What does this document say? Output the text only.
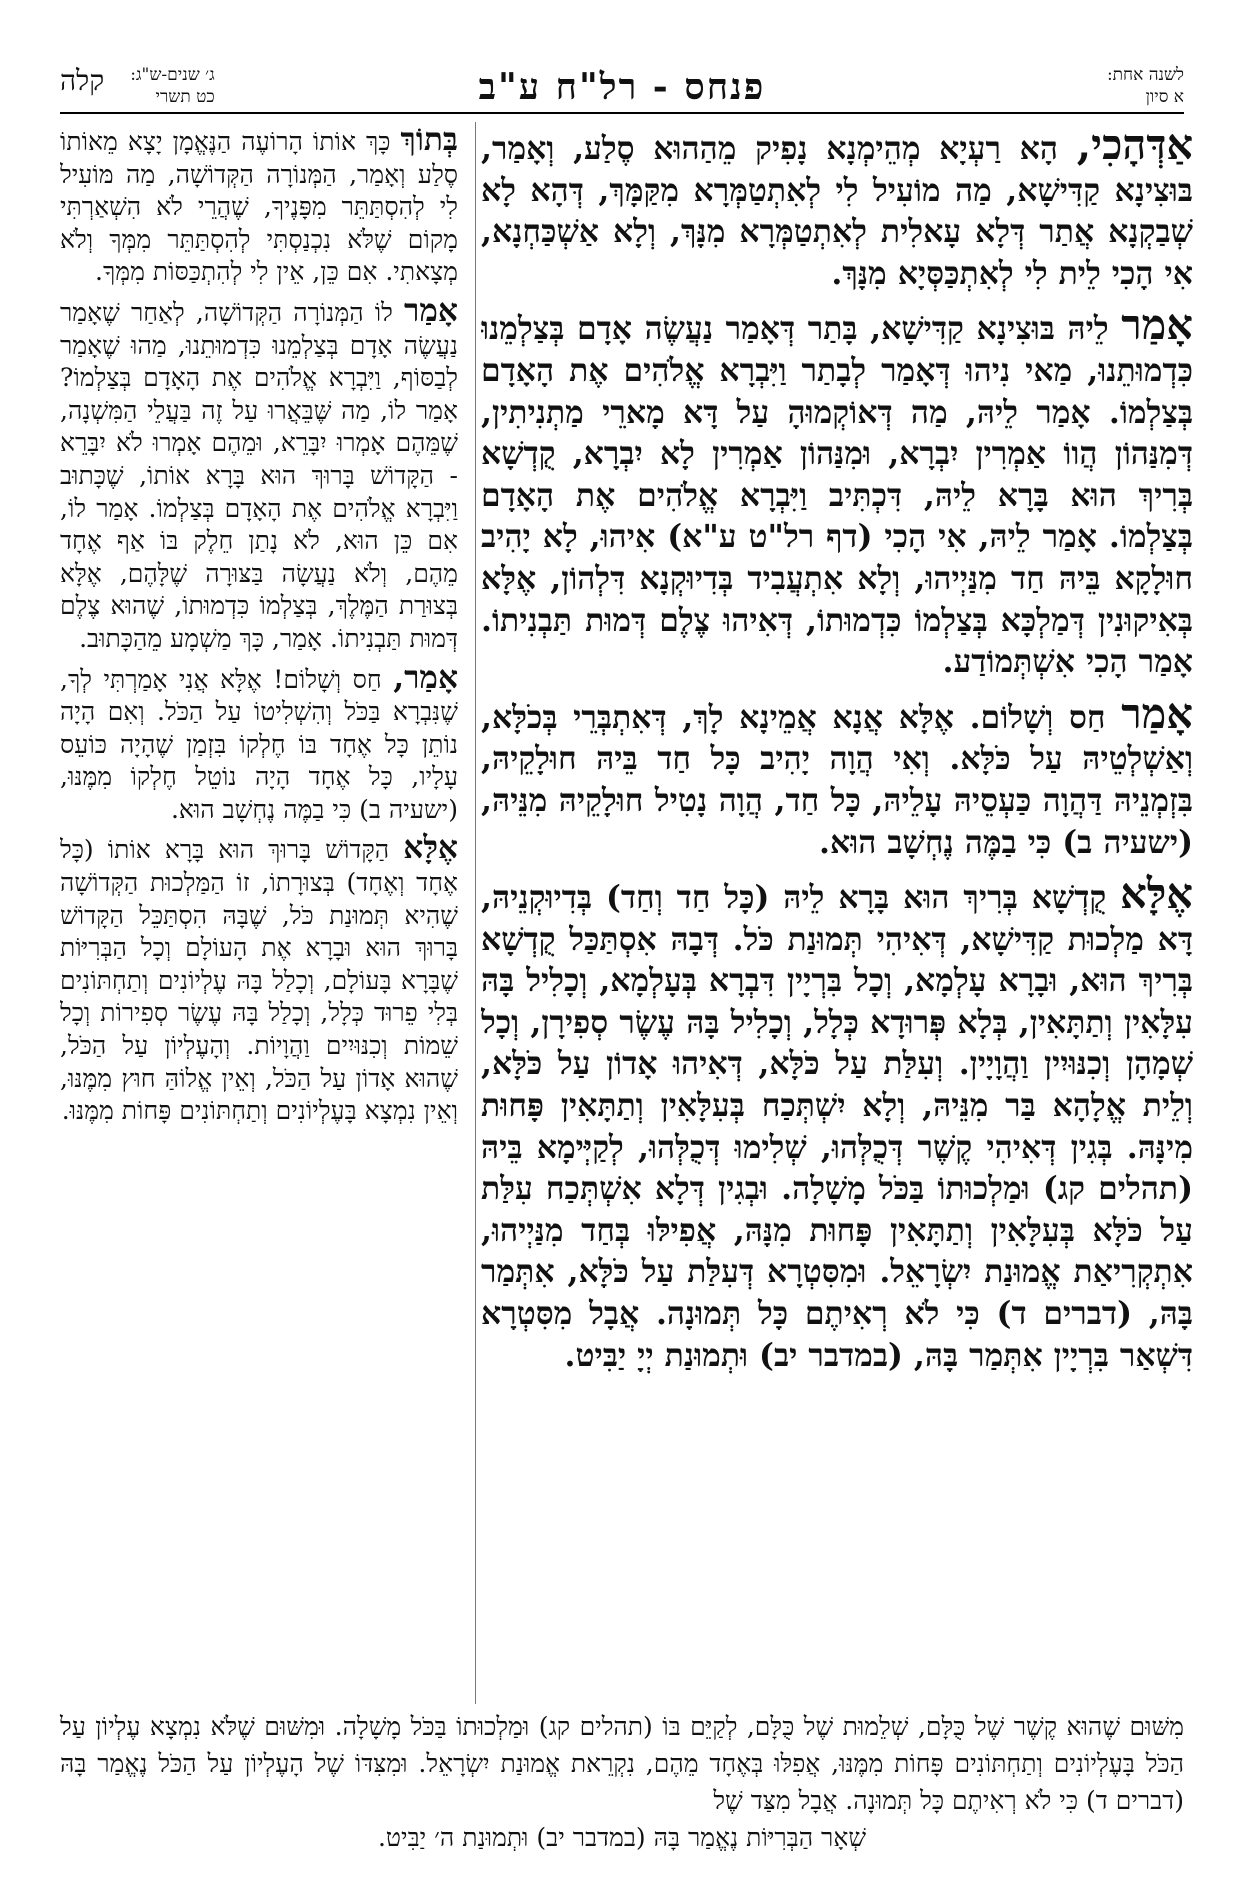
לשנה אחת:
א סיון
פנחס - רל"ח ע"ב
ג׳ שנים-ש"ג:
כט תשרי
קלה

אַדְּהָכִי, הָא רַעְיָא מְהֵימְנָא נָפִיק מֵהַהוּא סֶלַע, וְאָמַר, בּוּצִינָא קַדִּישָׁא, מַה מוֹעִיל לִי לְאִתְטַמְּרָא מִקַּמָּךְ, דְּהָא לָא שְׁבַקְנָא אֲתַר דְּלָא עָאלִית לְאִתְטַמְּרָא מִנָּךְ, וְלָא אַשְׁכַּחְנָא, אִי הָכִי לֵית לִי לְאִתְכַּסְּיָא מִנָּךְ.

אָמַר לֵיהּ בּוּצִינָא קַדִּישָׁא, בָּתַר דְּאָמַר נַעֲשֶׂה אָדָם בְּצַלְמֵנוּ כִּדְמוּתֵנוּ, מַאי נִיהוּ דְּאָמַר לְבָתַר וַיִּבְרָא אֱלֹהִים אֶת הָאָדָם בְּצַלְמוֹ. אָמַר לֵיהּ, מַה דְּאוֹקְמוּהָ עַל דָּא מָארֵי מַתְנִיתִין, דְּמִנַּהוֹן הֲווֹ אַמְרִין יִבְרָא, וּמִנַּהוֹן אַמְרִין לָא יִבְרָא, קֻדְשָׁא בְּרִיךְ הוּא בָּרָא לֵיהּ, דִּכְתִּיב וַיִּבְרָא אֱלֹהִים אֶת הָאָדָם בְּצַלְמוֹ. אָמַר לֵיהּ, אִי הָכִי (דף רל"ט ע"א) אִיהוּ, לָא יָהִיב חוּלָקָא בֵּיהּ חַד מִנַּיְיהוּ, וְלָא אִתְעֲבִיד בְּדִיוּקְנָא דִּלְהוֹן, אֶלָּא בְּאִיקוּנִין דְּמַלְכָּא בְּצַלְמוֹ כִּדְמוּתוֹ, דְּאִיהוּ צֶלֶם דְּמוּת תַּבְנִיתוֹ. אָמַר הָכִי אִשְׁתְּמוֹדַע.

אָמַר חַס וְשָׁלוֹם. אֶלָּא אֲנָא אֲמֵינָא לָךְ, דְּאִתְבְּרֵי בְּכֹלָּא, וְאַשְׁלְטֵיהּ עַל כֹּלָּא. וְאִי הֲוָה יָהִיב כָּל חַד בֵּיהּ חוּלָקֵיהּ, בִּזְמְנֵיהּ דַּהֲוָה כַּעְסֵיהּ עָלֵיהּ, כָּל חַד, הֲוָה נָטִיל חוּלָקֵיהּ מִנֵּיהּ, (ישעיה ב) כִּי בַמֶּה נֶחְשָׁב הוּא.

אֶלָּא קֻדְשָׁא בְּרִיךְ הוּא בָּרָא לֵיהּ (כָּל חַד וְחַד) בְּדִיוּקְנֵיהּ, דָּא מַלְכוּת קַדִּישָׁא, דְּאִיהִי תְּמוּנַת כֹּל. דְּבָהּ אִסְתַּכַּל קֻדְשָׁא בְּרִיךְ הוּא, וּבָרָא עָלְמָא, וְכָל בִּרְיָין דִּבְרָא בְּעָלְמָא, וְכָלִיל בָּהּ עִלָּאִין וְתַתָּאִין, בְּלָא פְּרוּדָא כְּלָל, וְכָלִיל בָּהּ עֶשֶׂר סְפִירָן, וְכָל שְׁמָהָן וְכִנּוּיִין וַהֲוָיָין. וְעִלַּת עַל כֹּלָּא, דְּאִיהוּ אָדוֹן עַל כֹּלָּא, וְלֵית אֱלָהָא בַּר מִנֵּיהּ, וְלָא יִשְׁתְּכַח בְּעִלָּאִין וְתַתָּאִין פָּחוּת מִינָּהּ. בְּגִין דְּאִיהִי קֶשֶׁר דְּכֻלְּהוּ, שְׁלִימוּ דְּכֻלְּהוּ, לְקַיְּימָא בֵּיהּ (תהלים קג) וּמַלְכוּתוֹ בַּכֹּל מָשָׁלָה. וּבְגִין דְּלָא אִשְׁתְּכַח עִלַּת עַל כֹּלָּא בְּעִלָּאִין וְתַתָּאִין פָּחוּת מִנָּהּ, אֲפִילּוּ בְּחַד מִנַּיְיהוּ, אִתְקְרִיאַת אֱמוּנַת יִשְׂרָאֵל. וּמִסִּטְרָא דְּעִלַּת עַל כֹּלָּא, אִתְּמַר בָּהּ, (דברים ד) כִּי לֹא רְאִיתֶם כָּל תְּמוּנָה. אֲבָל מִסִּטְרָא דִּשְׁאַר בִּרְיָין אִתְּמַר בָּהּ, (במדבר יב) וּתְמוּנַת יְיָ יַבִּיט.

בְּתוֹךְ כָּךְ אוֹתוֹ הָרוֹעֶה הַנֶּאֱמָן יָצָא מֵאוֹתוֹ סֶלַע וְאָמַר, הַמְּנוֹרָה הַקְּדוֹשָׁה, מַה מּוֹעִיל לִי לְהִסְתַּתֵּר מִפָּנֶיךָ, שֶׁהֲרֵי לֹא הִשְׁאַרְתִּי מָקוֹם שֶׁלֹּא נִכְנַסְתִּי לְהִסְתַּתֵּר מִמְּךָ וְלֹא מְצָאתִי. אִם כֵּן, אֵין לִי לְהִתְכַּסּוֹת מִמְּךָ.

אָמַר לוֹ הַמְּנוֹרָה הַקְּדוֹשָׁה, לְאַחַר שֶׁאָמַר נַעֲשֶׂה אָדָם בְּצַלְמֵנוּ כִּדְמוּתֵנוּ, מַהוּ שֶׁאָמַר לְבַסּוֹף, וַיִּבְרָא אֱלֹהִים אֶת הָאָדָם בְּצַלְמוֹ? אָמַר לוֹ, מַה שֶּׁבֵּאֲרוּ עַל זֶה בַּעֲלֵי הַמִּשְׁנָה, שֶׁמֵּהֶם אָמְרוּ יִבָּרֵא, וּמֵהֶם אָמְרוּ לֹא יִבָּרֵא - הַקָּדוֹשׁ בָּרוּךְ הוּא בָּרָא אוֹתוֹ, שֶׁכָּתוּב וַיִּבְרָא אֱלֹהִים אֶת הָאָדָם בְּצַלְמוֹ. אָמַר לוֹ, אִם כֵּן הוּא, לֹא נָתַן חֵלֶק בּוֹ אַף אֶחָד מֵהֶם, וְלֹא נַעֲשָׂה בַּצּוּרָה שֶׁלָּהֶם, אֶלָּא בְּצוּרַת הַמֶּלֶךְ, בְּצַלְמוֹ כִּדְמוּתוֹ, שֶׁהוּא צֶלֶם דְּמוּת תַּבְנִיתוֹ. אָמַר, כָּךְ מַשְׁמָע מֵהַכָּתוּב.

אָמַר, חַס וְשָׁלוֹם! אֶלָּא אֲנִי אָמַרְתִּי לְךָ, שֶׁנִּבְרָא בַּכֹּל וְהִשְׁלִיטוֹ עַל הַכֹּל. וְאִם הָיָה נוֹתֵן כָּל אֶחָד בּוֹ חֶלְקוֹ בִּזְמַן שֶׁהָיָה כּוֹעֵס עָלָיו, כָּל אֶחָד הָיָה נוֹטֵל חֶלְקוֹ מִמֶּנּוּ, (ישעיה ב) כִּי בַמֶּה נֶחְשָׁב הוּא.

אֶלָּא הַקָּדוֹשׁ בָּרוּךְ הוּא בָּרָא אוֹתוֹ (כָּל אֶחָד וְאֶחָד) בְּצוּרָתוֹ, זוֹ הַמַּלְכוּת הַקְּדוֹשָׁה שֶׁהִיא תְּמוּנַת כֹּל, שֶׁבָּהּ הִסְתַּכֵּל הַקָּדוֹשׁ בָּרוּךְ הוּא וּבָרָא אֶת הָעוֹלָם וְכָל הַבְּרִיּוֹת שֶׁבָּרָא בָּעוֹלָם, וְכָלַל בָּהּ עֶלְיוֹנִים וְתַחְתּוֹנִים בְּלִי פֵרוּד כְּלָל, וְכָלַל בָּהּ עֶשֶׂר סְפִירוֹת וְכָל שֵׁמוֹת וְכִנּוּיִים וַהֲוָיוֹת. וְהָעֶלְיוֹן עַל הַכֹּל, שֶׁהוּא אָדוֹן עַל הַכֹּל, וְאֵין אֱלוֹהַּ חוּץ מִמֶּנּוּ, וְאֵין נִמְצָא בָּעֶלְיוֹנִים וְתַחְתּוֹנִים פָּחוֹת מִמֶּנּוּ.

מִשּׁוּם שֶׁהוּא קֶשֶׁר שֶׁל כֻּלָּם, שְׁלֵמוּת שֶׁל כֻּלָּם, לְקַיֵּם בּוֹ (תהלים קג) וּמַלְכוּתוֹ בַּכֹּל מָשָׁלָה. וּמִשּׁוּם שֶׁלֹּא נִמְצָא עֶלְיוֹן עַל הַכֹּל בָּעֶלְיוֹנִים וְתַחְתּוֹנִים פָּחוֹת מִמֶּנּוּ, אֲפִלּוּ בְּאֶחָד מֵהֶם, נִקְרֵאת אֱמוּנַת יִשְׂרָאֵל. וּמִצִּדּוֹ שֶׁל הָעֶלְיוֹן עַל הַכֹּל נֶאֱמַר בָּהּ (דברים ד) כִּי לֹא רְאִיתֶם כָּל תְּמוּנָה. אֲבָל מִצַּד שֶׁל
שְׁאָר הַבְּרִיּוֹת נֶאֱמַר בָּהּ (במדבר יב) וּתְמוּנַת ה׳ יַבִּיט.
